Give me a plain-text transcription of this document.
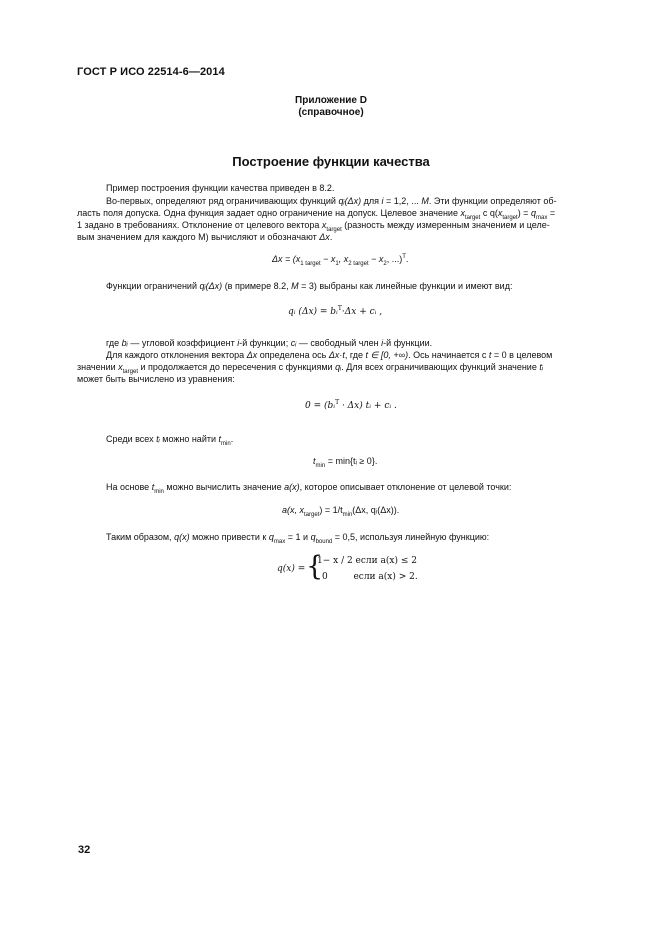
ГОСТ Р ИСО 22514-6—2014
Приложение D
(справочное)
Построение функции качества
Пример построения функции качества приведен в 8.2.
Во-первых, определяют ряд ограничивающих функций qᵢ(Δx) для i = 1,2, ... M. Эти функции определяют об-
ласть поля допуска. Одна функция задает одно ограничение на допуск. Целевое значение $x_{target}$ с $q(x_{target}) = q_{max}$ =
1 задано в требованиях. Отклонение от целевого вектора $x_{target}$ (разность между измеренным значением и целе-
вым значением для каждого M) вычисляют и обозначают Δx.
$\Delta x = (x_{1 target} - x_1$, $x_{2 target} - x_2$, ...)$^T$.
Функции ограничений qᵢ(Δx) (в примере 8.2, M = 3) выбраны как линейные функции и имеют вид:
qᵢ (Δx) = bᵢ$^T$·Δx + cᵢ ,
где bᵢ — угловой коэффициент i-й функции; cᵢ — свободный член i-й функции.
Для каждого отклонения вектора Δx определена ось Δx·t, где t ∈ [0, +∞). Ось начинается с t = 0 в целевом
значении $x_{target}$ и продолжается до пересечения с функциями qᵢ. Для всех ограничивающих функций значение tᵢ
может быть вычислено из уравнения:
0 = (bᵢ$^T$ · Δx) tᵢ + cᵢ .
Среди всех tᵢ можно найти $t_{min}$.
$t_{min}$ = min{tᵢ ≥ 0}.
На основе $t_{min}$ можно вычислить значение a(x), которое описывает отклонение от целевой точки:
a(x, $x_{target}) = 1/t_{min}(\Delta x$, qᵢ(Δx)).
Таким образом, q(x) можно привести к $q_{max} = 1$ и $q_{bound} = 0,5$, используя линейную функцию:
q(x) = {
1− x / 2 если a(x) ≤ 2
0         если a(x) > 2.
32
